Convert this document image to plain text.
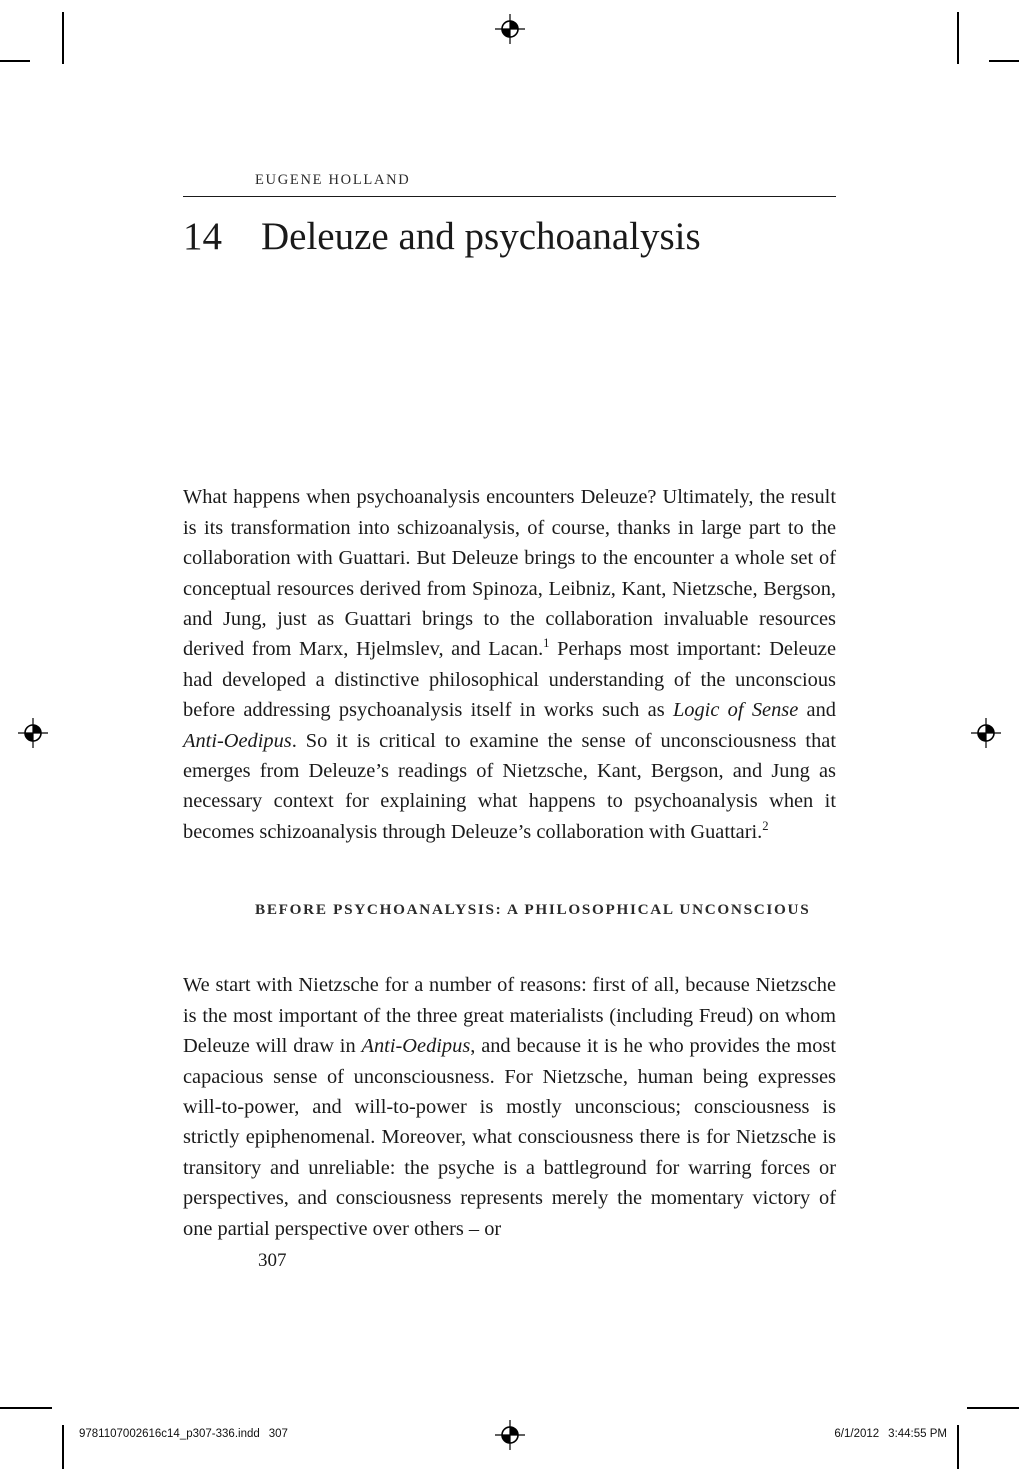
EUGENE HOLLAND
14 Deleuze and psychoanalysis

What happens when psychoanalysis encounters Deleuze? Ultimately, the result is its transformation into schizoanalysis, of course, thanks in large part to the collaboration with Guattari. But Deleuze brings to the encounter a whole set of conceptual resources derived from Spinoza, Leibniz, Kant, Nietzsche, Bergson, and Jung, just as Guattari brings to the collaboration invaluable resources derived from Marx, Hjelmslev, and Lacan.$^1$ Perhaps most important: Deleuze had developed a distinctive philosophical understanding of the unconscious before addressing psychoanalysis itself in works such as Logic of Sense and Anti-Oedipus. So it is critical to examine the sense of unconsciousness that emerges from Deleuze’s readings of Nietzsche, Kant, Bergson, and Jung as necessary context for explaining what happens to psychoanalysis when it becomes schizoanalysis through Deleuze’s collaboration with Guattari.$^2$

BEFORE PSYCHOANALYSIS: A PHILOSOPHICAL UNCONSCIOUS

We start with Nietzsche for a number of reasons: first of all, because Nietzsche is the most important of the three great materialists (including Freud) on whom Deleuze will draw in Anti-Oedipus, and because it is he who provides the most capacious sense of unconsciousness. For Nietzsche, human being expresses will-to-power, and will-to-power is mostly unconscious; consciousness is strictly epiphenomenal. Moreover, what consciousness there is for Nietzsche is transitory and unreliable: the psyche is a battleground for warring forces or perspectives, and consciousness represents merely the momentary victory of one partial perspective over others – or

307
9781107002616c14_p307-336.indd 307	6/1/2012 3:44:55 PM
